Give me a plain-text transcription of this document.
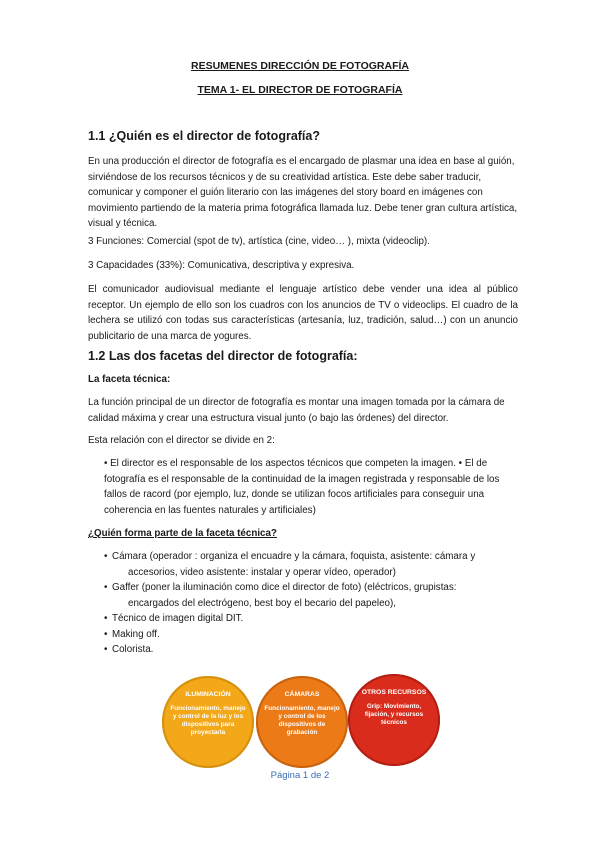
RESUMENES DIRECCIÓN DE FOTOGRAFÍA
TEMA 1- EL DIRECTOR DE FOTOGRAFÍA
1.1 ¿Quién es el director de fotografía?
En una producción el director de fotografía es el encargado de plasmar una idea en base al guión, sirviéndose de los recursos técnicos y de su creatividad artística. Este debe saber traducir, comunicar y componer el guión literario con las imágenes del story board en imágenes con movimiento partiendo de la materia prima fotográfica llamada luz. Debe tener gran cultura artística, visual y técnica.
3 Funciones: Comercial (spot de tv), artística (cine, video… ), mixta (videoclip).
3 Capacidades (33%): Comunicativa, descriptiva y expresiva.
El comunicador audiovisual mediante el lenguaje artístico debe vender una idea al público receptor. Un ejemplo de ello son los cuadros con los anuncios de TV o videoclips. El cuadro de la lechera se utilizó con todas sus características (artesanía, luz, tradición, salud…) con un anuncio publicitario de una marca de yogures.
1.2 Las dos facetas del director de fotografía:
La faceta técnica:
La función principal de un director de fotografía es montar una imagen tomada por la cámara de calidad máxima y crear una estructura visual junto (o bajo las órdenes) del director.
Esta relación con el director se divide en 2:
• El director es el responsable de los aspectos técnicos que competen la imagen. • El de fotografía es el responsable de la continuidad de la imagen registrada y responsable de los fallos de racord (por ejemplo, luz, donde se utilizan focos artificiales para conseguir una coherencia en las fuentes naturales y artificiales)
¿Quién forma parte de la faceta técnica?
• Cámara (operador : organiza el encuadre y la cámara, foquista, asistente: cámara y
accesorios, video asistente: instalar y operar vídeo, operador)
• Gaffer (poner la iluminación como dice el director de foto) (eléctricos, grupistas:
encargados del electrógeno, best boy el becario del papeleo),
• Técnico de imagen digital DIT.
• Making off.
• Colorista.
ILUMINACIÓN
Funcionamiento, manejo y control de la luz y los dispositivos para proyectarla
CÁMARAS
Funcionamiento, manejo y control de los dispositivos de grabación
OTROS RECURSOS
Grip: Movimiento, fijación, y recursos técnicos
Página 1 de 2
